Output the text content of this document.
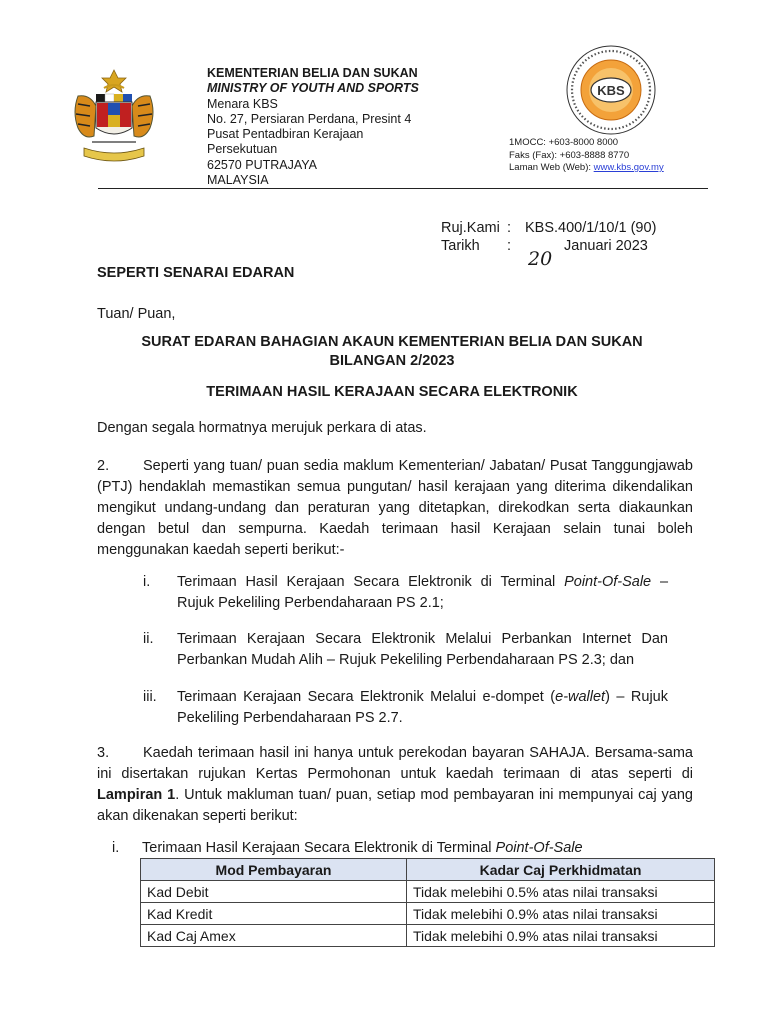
KEMENTERIAN BELIA DAN SUKAN
MINISTRY OF YOUTH AND SPORTS
Menara KBS
No. 27, Persiaran Perdana, Presint 4
Pusat Pentadbiran Kerajaan
Persekutuan
62570 PUTRAJAYA
MALAYSIA
KBS
1MOCC: +603-8000 8000
Faks (Fax): +603-8888 8770
Laman Web (Web): www.kbs.gov.my
Ruj.Kami : KBS.400/1/10/1 (90)
Tarikh	:	Januari 2023
20
SEPERTI SENARAI EDARAN
Tuan/ Puan,
SURAT EDARAN BAHAGIAN AKAUN KEMENTERIAN BELIA DAN SUKAN
BILANGAN 2/2023
TERIMAAN HASIL KERAJAAN SECARA ELEKTRONIK
Dengan segala hormatnya merujuk perkara di atas.
2. Seperti yang tuan/ puan sedia maklum Kementerian/ Jabatan/ Pusat Tanggungjawab (PTJ) hendaklah memastikan semua pungutan/ hasil kerajaan yang diterima dikendalikan mengikut undang-undang dan peraturan yang ditetapkan, direkodkan serta diakaunkan dengan betul dan sempurna. Kaedah terimaan hasil Kerajaan selain tunai boleh menggunakan kaedah seperti berikut:-
i.	Terimaan Hasil Kerajaan Secara Elektronik di Terminal Point-Of-Sale – Rujuk Pekeliling Perbendaharaan PS 2.1;
ii.	Terimaan Kerajaan Secara Elektronik Melalui Perbankan Internet Dan Perbankan Mudah Alih – Rujuk Pekeliling Perbendaharaan PS 2.3; dan
iii.	Terimaan Kerajaan Secara Elektronik Melalui e-dompet (e-wallet) – Rujuk Pekeliling Perbendaharaan PS 2.7.
3. Kaedah terimaan hasil ini hanya untuk perekodan bayaran SAHAJA. Bersama-sama ini disertakan rujukan Kertas Permohonan untuk kaedah terimaan di atas seperti di Lampiran 1. Untuk makluman tuan/ puan, setiap mod pembayaran ini mempunyai caj yang akan dikenakan seperti berikut:
i. Terimaan Hasil Kerajaan Secara Elektronik di Terminal Point-Of-Sale
Mod Pembayaran	Kadar Caj Perkhidmatan
Kad Debit	Tidak melebihi 0.5% atas nilai transaksi
Kad Kredit	Tidak melebihi 0.9% atas nilai transaksi
Kad Caj Amex	Tidak melebihi 0.9% atas nilai transaksi
